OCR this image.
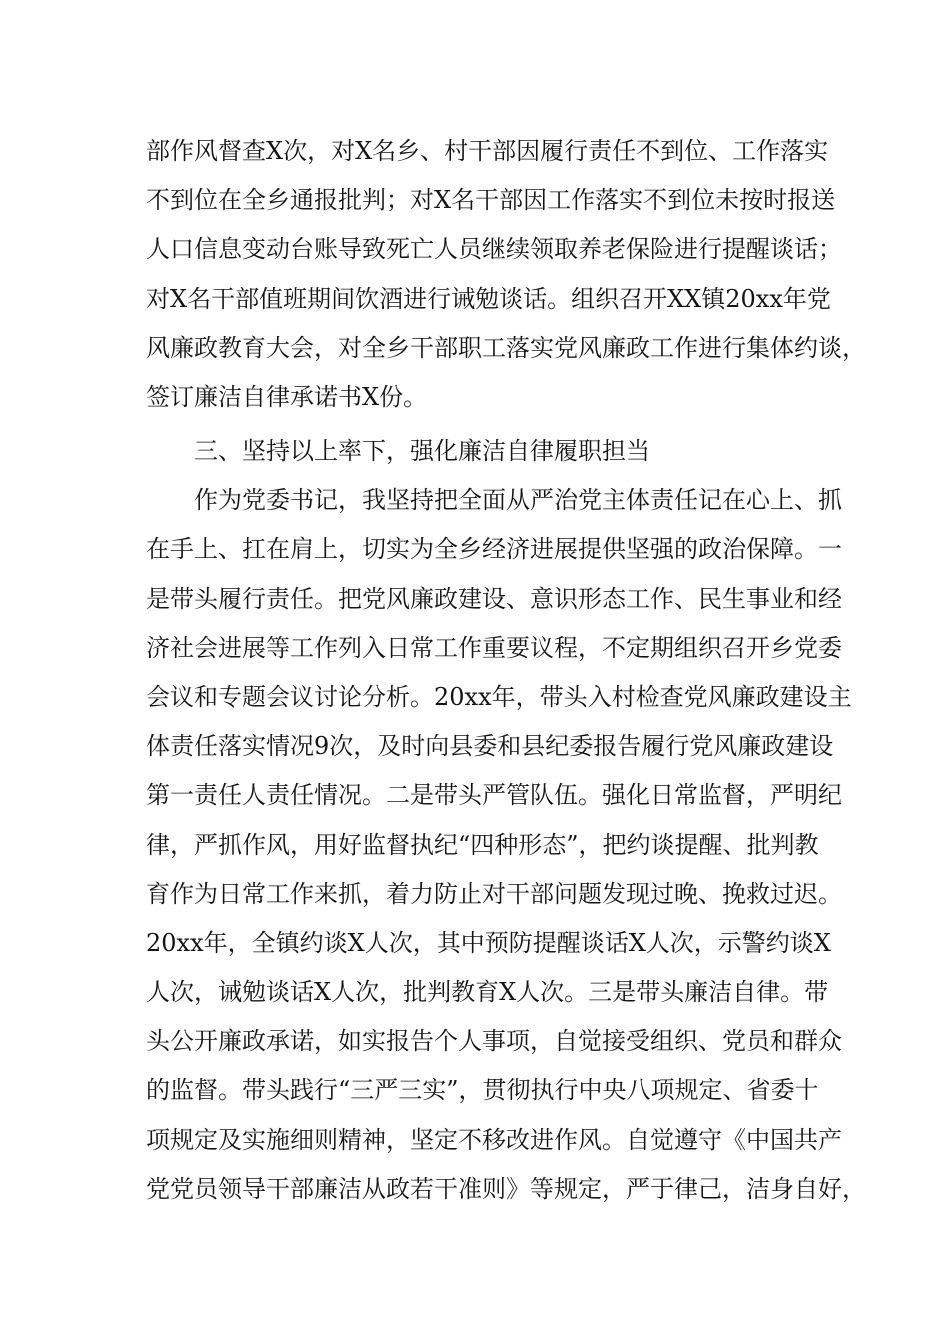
部作风督查X次，对X名乡、村干部因履行责任不到位、工作落实
不到位在全乡通报批判；对X名干部因工作落实不到位未按时报送
人口信息变动台账导致死亡人员继续领取养老保险进行提醒谈话；
对X名干部值班期间饮酒进行诫勉谈话。组织召开XX镇20xx年党
风廉政教育大会，对全乡干部职工落实党风廉政工作进行集体约谈，
签订廉洁自律承诺书X份。
三、坚持以上率下，强化廉洁自律履职担当
作为党委书记，我坚持把全面从严治党主体责任记在心上、抓
在手上、扛在肩上，切实为全乡经济进展提供坚强的政治保障。一
是带头履行责任。把党风廉政建设、意识形态工作、民生事业和经
济社会进展等工作列入日常工作重要议程，不定期组织召开乡党委
会议和专题会议讨论分析。20xx年，带头入村检查党风廉政建设主
体责任落实情况9次，及时向县委和县纪委报告履行党风廉政建设
第一责任人责任情况。二是带头严管队伍。强化日常监督，严明纪
律，严抓作风，用好监督执纪“四种形态”，把约谈提醒、批判教
育作为日常工作来抓，着力防止对干部问题发现过晚、挽救过迟。
20xx年，全镇约谈X人次，其中预防提醒谈话X人次，示警约谈X
人次，诫勉谈话X人次，批判教育X人次。三是带头廉洁自律。带
头公开廉政承诺，如实报告个人事项，自觉接受组织、党员和群众
的监督。带头践行“三严三实”，贯彻执行中央八项规定、省委十
项规定及实施细则精神，坚定不移改进作风。自觉遵守《中国共产
党党员领导干部廉洁从政若干准则》等规定，严于律己，洁身自好，
